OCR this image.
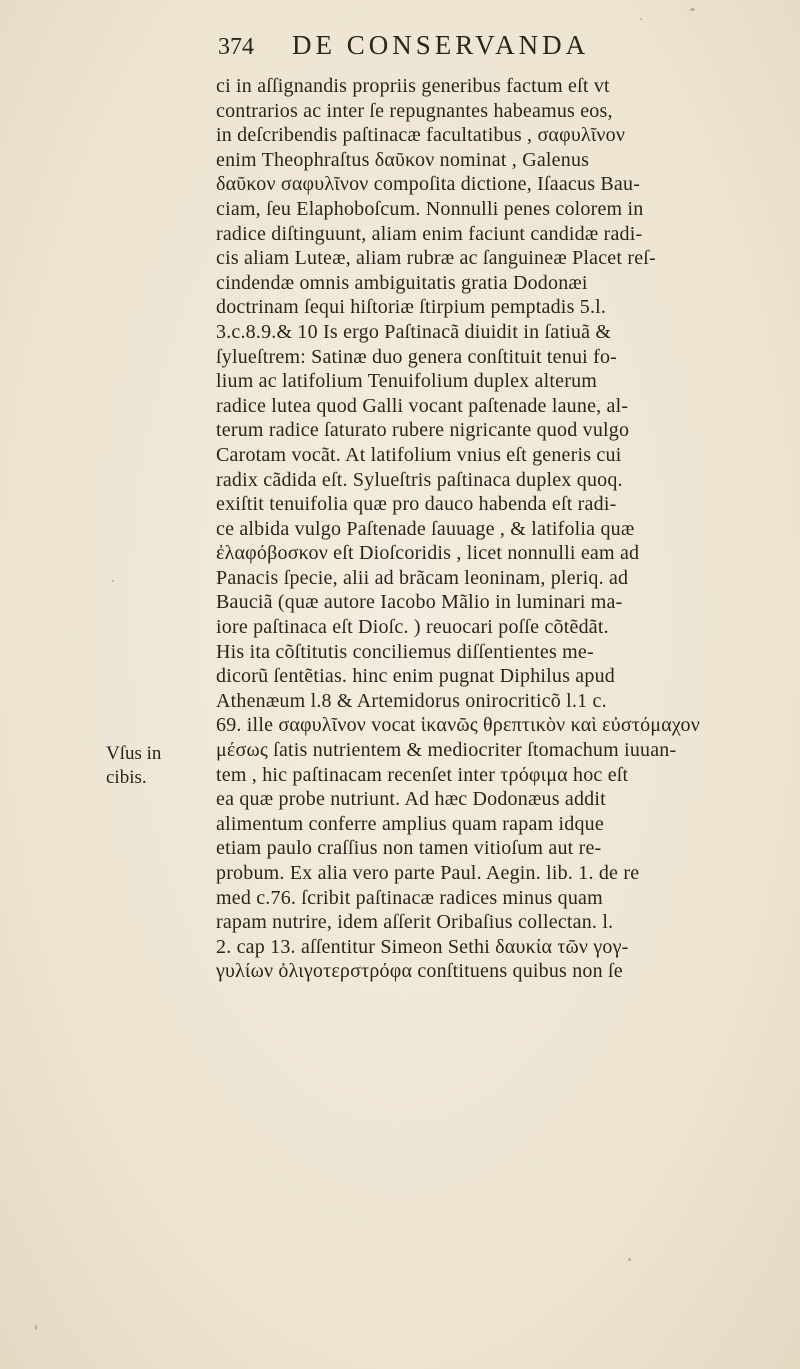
374 DE CONSERVANDA
Vſus in
cibis.
ci in aſſignandis propriis generibus factum eſt vt
contrarios ac inter ſe repugnantes habeamus eos,
in deſcribendis paſtinacæ facultatibus , σαφυλῖνον
enim Theophraſtus δαῦκον nominat , Galenus
δαῦκον σαφυλῖνον compoſita dictione, Iſaacus Bau-
ciam, ſeu Elaphoboſcum. Nonnulli penes colorem in
radice diſtinguunt, aliam enim faciunt candidæ radi-
cis aliam Luteæ, aliam rubræ ac ſanguineæ Placet reſ-
cindendæ omnis ambiguitatis gratia Dodonæi
doctrinam ſequi hiſtoriæ ſtirpium pemptadis 5.l.
3.c.8.9.& 10 Is ergo Paſtinacã diuidit in ſatiuã &
ſylueſtrem: Satinæ duo genera conſtituit tenui fo-
lium ac latifolium Tenuifolium duplex alterum
radice lutea quod Galli vocant paſtenade laune, al-
terum radice ſaturato rubere nigricante quod vulgo
Carotam vocãt. At latifolium vnius eſt generis cui
radix cãdida eſt. Sylueſtris paſtinaca duplex quoq.
exiſtit tenuifolia quæ pro dauco habenda eſt radi-
ce albida vulgo Paſtenade ſauuage , & latifolia quæ
ἐλαφόβοσκον eſt Dioſcoridis , licet nonnulli eam ad
Panacis ſpecie, alii ad brãcam leoninam, pleriq. ad
Bauciã (quæ autore Iacobo Mãlio in luminari ma-
iore paſtinaca eſt Dioſc. ) reuocari poſſe cõtẽdãt.
His ita cõſtitutis conciliemus diſſentientes me-
dicorũ ſentẽtias. hinc enim pugnat Diphilus apud
Athenæum l.8 & Artemidorus onirocriticõ l.1 c.
69. ille σαφυλῖνον vocat ἱκανῶς θρεπτικὸν καὶ εὐστόμαχον
μέσως ſatis nutrientem & mediocriter ſtomachum iuuan-
tem , hic paſtinacam recenſet inter τρόφιμα hoc eſt
ea quæ probe nutriunt. Ad hæc Dodonæus addit
alimentum conferre amplius quam rapam idque
etiam paulo craſſius non tamen vitioſum aut re-
probum. Ex alia vero parte Paul. Aegin. lib. 1. de re
med c.76. ſcribit paſtinacæ radices minus quam
rapam nutrire, idem aſſerit Oribaſius collectan. l.
2. cap 13. aſſentitur Simeon Sethi δαυκία τῶν γογ-
γυλίων ὀλιγοτερστρόφα conſtituens quibus non ſe
